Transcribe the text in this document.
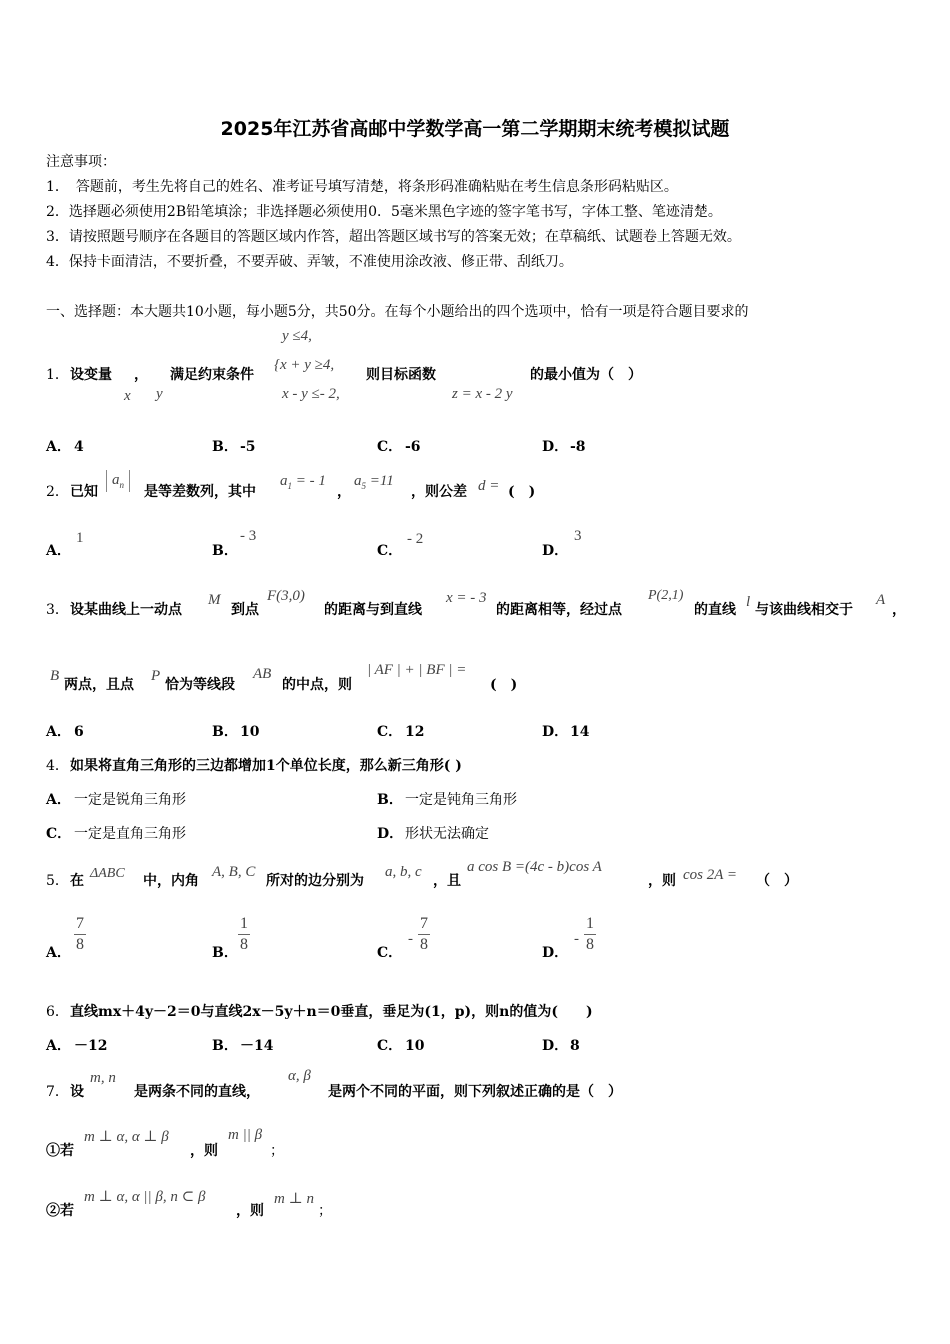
2025年江苏省高邮中学数学高一第二学期期末统考模拟试题
注意事项：
1．　答题前，考生先将自己的姓名、准考证号填写清楚，将条形码准确粘贴在考生信息条形码粘贴区。
2．选择题必须使用2B铅笔填涂；非选择题必须使用0．5毫米黑色字迹的签字笔书写，字体工整、笔迹清楚。
3．请按照题号顺序在各题目的答题区域内作答，超出答题区域书写的答案无效；在草稿纸、试题卷上答题无效。
4．保持卡面清洁，不要折叠，不要弄破、弄皱，不准使用涂改液、修正带、刮纸刀。
一、选择题：本大题共10小题，每小题5分，共50分。在每个小题给出的四个选项中，恰有一项是符合题目要求的
1． 设变量 ， 满足约束条件	则目标函数	的最小值为（　）
x y
y ≤4,
{x + y ≥4,
x - y ≤- 2,	z = x - 2 y
A． 4	B． -5	C． -6	D． -8
2． 已知
$a_n$	是等差数列，其中
$a_1$ = - 1
，
$a_5 =11$
，则公差 d = (　)
A．
1
B．
- 3
C．
- 2
D．
3
3． 设某曲线上一动点
M
到点
F(3,0)
的距离与到直线
x = - 3
的距离相等，经过点
P(2,1)
的直线 l 与该曲线相交于
A
，
B
两点，且点
P
恰为等线段
AB
的中点，则
| AF | + | BF | =
(　)
A． 6	B． 10	C． 12	D． 14
4． 如果将直角三角形的三边都增加1个单位长度，那么新三角形( )
A． 一定是锐角三角形	B． 一定是钝角三角形
C． 一定是直角三角形	D． 形状无法确定
5． 在 ΔABC 中，内角
A, B, C
所对的边分别为
a, b, c
，且
a cos B =(4c - b)cos A
，则 cos 2A = （　）
A． $\frac{7}{8}$	B． $\frac{1}{8}$	C．
- $\frac{7}{8}$	D．
- $\frac{1}{8}$
6． 直线mx＋4y－2＝0与直线2x－5y＋n＝0垂直，垂足为(1，p)，则n的值为(　　)
A． －12	B． －14	C． 10	D． 8
7． 设
m, n
是两条不同的直线，
α, β
是两个不同的平面，则下列叙述正确的是（　）
①若
m ⊥ α, α ⊥ β
，则
m || β
；
②若
m ⊥ α, α || β, n ⊂ β
，则
m ⊥ n
；
